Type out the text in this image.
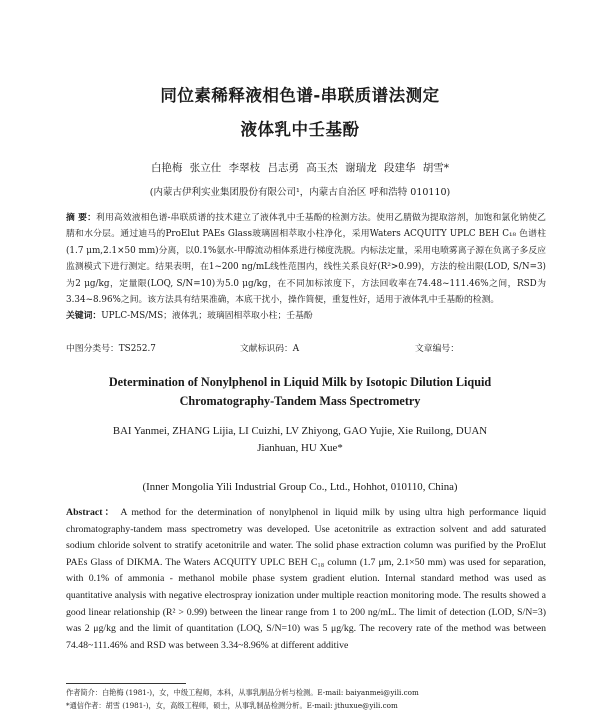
同位素稀释液相色谱-串联质谱法测定
液体乳中壬基酚
白艳梅 张立仕 李翠枝 吕志勇 高玉杰 谢瑞龙 段建华 胡雪*
(内蒙古伊利实业集团股份有限公司¹，内蒙古自治区 呼和浩特 010110)
摘 要：利用高效液相色谱-串联质谱的技术建立了液体乳中壬基酚的检测方法。使用乙腈做为提取溶剂，加饱和氯化钠使乙腈和水分层。通过迪马的ProElut PAEs Glass玻璃固相萃取小柱净化，采用Waters ACQUITY UPLC BEH C₁₈ 色谱柱(1.7 μm,2.1×50 mm)分离，以0.1%氨水-甲醇流动相体系进行梯度洗脱。内标法定量，采用电喷雾离子源在负离子多反应监测模式下进行测定。结果表明，在1~200 ng/mL线性范围内，线性关系良好(R²>0.99)，方法的检出限(LOD, S/N=3)为2 μg/kg，定量限(LOQ, S/N=10)为5.0 μg/kg，在不同加标浓度下，方法回收率在74.48~111.46%之间，RSD为3.34~8.96%之间。该方法具有结果准确，本底干扰小，操作简便，重复性好，适用于液体乳中壬基酚的检测。
关键词：UPLC-MS/MS；液体乳；玻璃固相萃取小柱；壬基酚
中图分类号：TS252.7	文献标识码：A	文章编号：
Determination of Nonylphenol in Liquid Milk by Isotopic Dilution Liquid
Chromatography-Tandem Mass Spectrometry
BAI Yanmei, ZHANG Lijia, LI Cuizhi, LV Zhiyong, GAO Yujie, Xie Ruilong, DUAN Jianhuan, HU Xue*
(Inner Mongolia Yili Industrial Group Co., Ltd., Hohhot, 010110, China)
Abstract： A method for the determination of nonylphenol in liquid milk by using ultra high performance liquid chromatography-tandem mass spectrometry was developed. Use acetonitrile as extraction solvent and add saturated sodium chloride solvent to stratify acetonitrile and water. The solid phase extraction column was purified by the ProElut PAEs Glass of DIKMA. The Waters ACQUITY UPLC BEH C₁₈ column (1.7 μm, 2.1×50 mm) was used for separation, with 0.1% of ammonia - methanol mobile phase system gradient elution. Internal standard method was used as quantitative analysis with negative electrospray ionization under multiple reaction monitoring mode. The results showed a good linear relationship (R² > 0.99) between the linear range from 1 to 200 ng/mL. The limit of detection (LOD, S/N=3) was 2 μg/kg and the limit of quantitation (LOQ, S/N=10) was 5 μg/kg. The recovery rate of the method was between 74.48~111.46% and RSD was between 3.34~8.96% at different additive
作者简介：白艳梅 (1981-)，女，中级工程师，本科，从事乳制品分析与检测。E-mail: baiyanmei@yili.com
*通信作者：胡雪 (1981-)，女，高级工程师，硕士，从事乳制品检测分析。E-mail: jthuxue@yili.com
